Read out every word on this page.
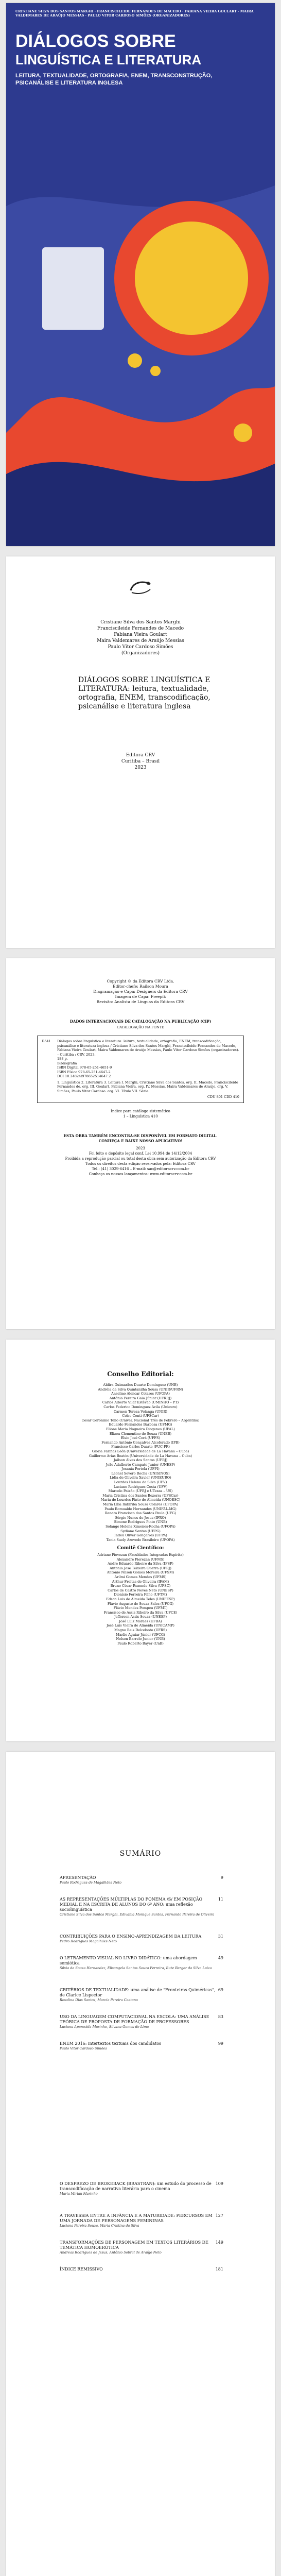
CRISTIANE SILVA DOS SANTOS MARGHI · FRANCISCILEIDE FERNANDES DE MACEDO · FABIANA VIEIRA GOULART · MAIRA VALDEMARES DE ARAÚJO MESSIAS · PAULO VITOR CARDOSO SIMÕES (ORGANIZADORES)
DIÁLOGOS SOBRE
LINGUÍSTICA E LITERATURA
LEITURA, TEXTUALIDADE, ORTOGRAFIA, ENEM, TRANSCONSTRUÇÃO, PSICANÁLISE E LITERATURA INGLESA
Cristiane Silva dos Santos Marghi
Franciscileide Fernandes de Macedo
Fabiana Vieira Goulart
Maira Valdemares de Araújo Messias
Paulo Vitor Cardoso Simões
(Organizadores)
DIÁLOGOS SOBRE LINGUÍSTICA E LITERATURA: leitura, textualidade, ortografia, ENEM, transcodificação, psicanálise e literatura inglesa
Editora CRV
Curitiba – Brasil
2023
Copyright © da Editora CRV Ltda.
Editor-chefe: Railson Moura
Diagramação e Capa: Designers da Editora CRV
Imagem de Capa: Freepik
Revisão: Analista de Línguas da Editora CRV
DADOS INTERNACIONAIS DE CATALOGAÇÃO NA PUBLICAÇÃO (CIP)
CATALOGAÇÃO NA FONTE
D541 Diálogos sobre linguística e literatura: leitura, textualidade, ortografia, ENEM, transcodificação, psicanálise e literatura inglesa / Cristiane Silva dos Santos Marghi, Franciscileide Fernandes de Macedo, Fabiana Vieira Goulart, Maira Valdemares de Araújo Messias, Paulo Vitor Cardoso Simões (organizadores). – Curitiba : CRV, 2023.
188 p.
Bibliografia
ISBN Digital 978-65-251-4651-9
ISBN Físico 978-65-251-4647-2
DOI 10.24824/978652514647.2
1. Linguística 2. Literatura 3. Leitura I. Marghi, Cristiane Silva dos Santos. org. II. Macedo, Franciscileide Fernandes de. org. III. Goulart, Fabiana Vieira. org. IV. Messias, Maira Valdemares de Araújo. org. V. Simões, Paulo Vitor Cardoso. org. VI. Título VII. Série.
CDU 801 CDD 410
Índice para catálogo sistemático
1 – Linguística 410
ESTA OBRA TAMBÉM ENCONTRA-SE DISPONÍVEL EM FORMATO DIGITAL.
CONHEÇA E BAIXE NOSSO APLICATIVO!
2023
Foi feito o depósito legal conf. Lei 10.994 de 14/12/2004
Proibida a reprodução parcial ou total desta obra sem autorização da Editora CRV
Todos os direitos desta edição reservados pela: Editora CRV
Tel.: (41) 3029-6416 – E-mail: sac@editoracrv.com.br
Conheça os nossos lançamentos: www.editoracrv.com.br
Conselho Editorial:
Aldira Guimarães Duarte Domínguez (UNB)
Andréia da Silva Quintanilha Sousa (UNIR/UFRN)
Anselmo Alencar Colares (UFOPA)
Antônio Pereira Gaio Júnior (UFRRJ)
Carlos Alberto Vilar Estêvão (UMINHO – PT)
Carlos Federico Dominguez Avila (Unieuro)
Carmen Tereza Velanga (UNIR)
Celso Conti (UFSCar)
Cesar Gerónimo Tello (Univer. Nacional Três de Febrero – Argentina)
Eduardo Fernandes Barbosa (UFMG)
Elione Maria Nogueira Diogenes (UFAL)
Elizeu Clementino de Souza (UNEB)
Élsio José Corá (UFFS)
Fernando Antônio Gonçalves Alcoforado (IPB)
Francisco Carlos Duarte (PUC-PR)
Gloria Fariñas León (Universidade de La Havana – Cuba)
Guillermo Arias Beatón (Universidade de La Havana – Cuba)
Jailson Alves dos Santos (UFRJ)
João Adalberto Campato Junior (UNESP)
Josania Portela (UFPI)
Leonel Severo Rocha (UNISINOS)
Lídia de Oliveira Xavier (UNIEURO)
Lourdes Helena da Silva (UFV)
Luciano Rodrigues Costa (UFV)
Marcelo Paixão (UFRJ e UTexas – US)
Maria Cristina dos Santos Bezerra (UFSCar)
Maria de Lourdes Pinto de Almeida (UNOESC)
Maria Lília Imbiriba Sousa Colares (UFOPA)
Paulo Romualdo Hernandes (UNIFAL-MG)
Renato Francisco dos Santos Paula (UFG)
Sérgio Nunes de Jesus (IFRO)
Simone Rodrigues Pinto (UNB)
Solange Helena Ximenes-Rocha (UFOPA)
Sydione Santos (UEPG)
Tadeu Oliver Gonçalves (UFPA)
Tania Suely Azevedo Brasileiro (UFOPA)
Comitê Científico:
Adriane Piovezan (Faculdades Integradas Espírita)
Alexandre Pierezan (UFMS)
Andre Eduardo Ribeiro da Silva (IFSP)
Antonio Jose Teixeira Guerra (UFRJ)
Antonio Nilson Gomes Moreira (UFSM)
Arilmi Gomes Mendes (UFMS)
Arthur Freitas de Oliveira (IFAM)
Bruno César Rezende Silva (UFSC)
Carlos de Castro Neves Neto (UNESP)
Dionísio Ferreira Filho (UFTM)
Edson Luis de Almeida Teles (UNIFESP)
Flávio Augusto de Souza Sales (UFCG)
Flávio Mendes Pompeu (UFMT)
Francisco de Assis Ribeiro da Silva (UFCE)
Jefferson Assis Souza (UNESP)
José Luiz Moraes (UFBA)
José Luis Vieira de Almeida (UNICAMP)
Magno Reis Delcelsoto (UFRS)
Marlio Aguiar Júnior (UFCG)
Nelson Barrelo Junior (UNB)
Paulo Roberto Bayer (UnB)
SUMÁRIO
APRESENTAÇÃO	9
Paulo Rodrigues de Magalhães Neto
AS REPRESENTAÇÕES MÚLTIPLAS DO FONEMA /S/ EM POSIÇÃO MEDIAL E NA ESCRITA DE ALUNOS DO 6º ANO: uma reflexão sociolinguística
11
Cristiane Silva dos Santos Marghi, Edivania Monique Santos, Fernando Pereira de Oliveira
CONTRIBUIÇÕES PARA O ENSINO-APRENDIZAGEM DA LEITURA	31
Pedro Rodrigues Magalhães Neto
O LETRAMENTO VISUAL NO LIVRO DIDÁTICO: uma abordagem semiótica
49
Sílvia de Souza Hernandez, Elisangela Santos Souza Ferreira, Rute Berger da Silva Luiza
CRITÉRIOS DE TEXTUALIDADE: uma análise de "Fronteiras Quiméricas", de Clarice Lispector
69
Rosalina Dias Santos, Marcia Pereira Caetano
USO DA LINGUAGEM COMPUTACIONAL NA ESCOLA: UMA ANÁLISE TEÓRICA DE PROPOSTA DE FORMAÇÃO DE PROFESSORES
83
Luciana Aparecida Marinho, Silvana Gomes de Lima
ENEM 2016: intertextos textuais dos candidatos	99
Paulo Vitor Cardoso Simões
O DESPREZO DE BROKEBACK (BRASTRAN): um estudo do processo de transcodificação de narrativa literária para o cinema
109
Maria Mirian Marinho
A TRAVESSIA ENTRE A INFÂNCIA E A MATURIDADE: PERCURSOS EM UMA JORNADA DE PERSONAGENS FEMININAS
127
Luciana Pereira Souza, Maria Cristina da Silva
TRANSFORMAÇÕES DE PERSONAGEM EM TEXTOS LITERÁRIOS DE TEMÁTICA HOMOERÓTICA
149
Andreas Rodrigues de Jesus, Antônio Sobral de Araújo Neto
ÍNDICE REMISSIVO	181
